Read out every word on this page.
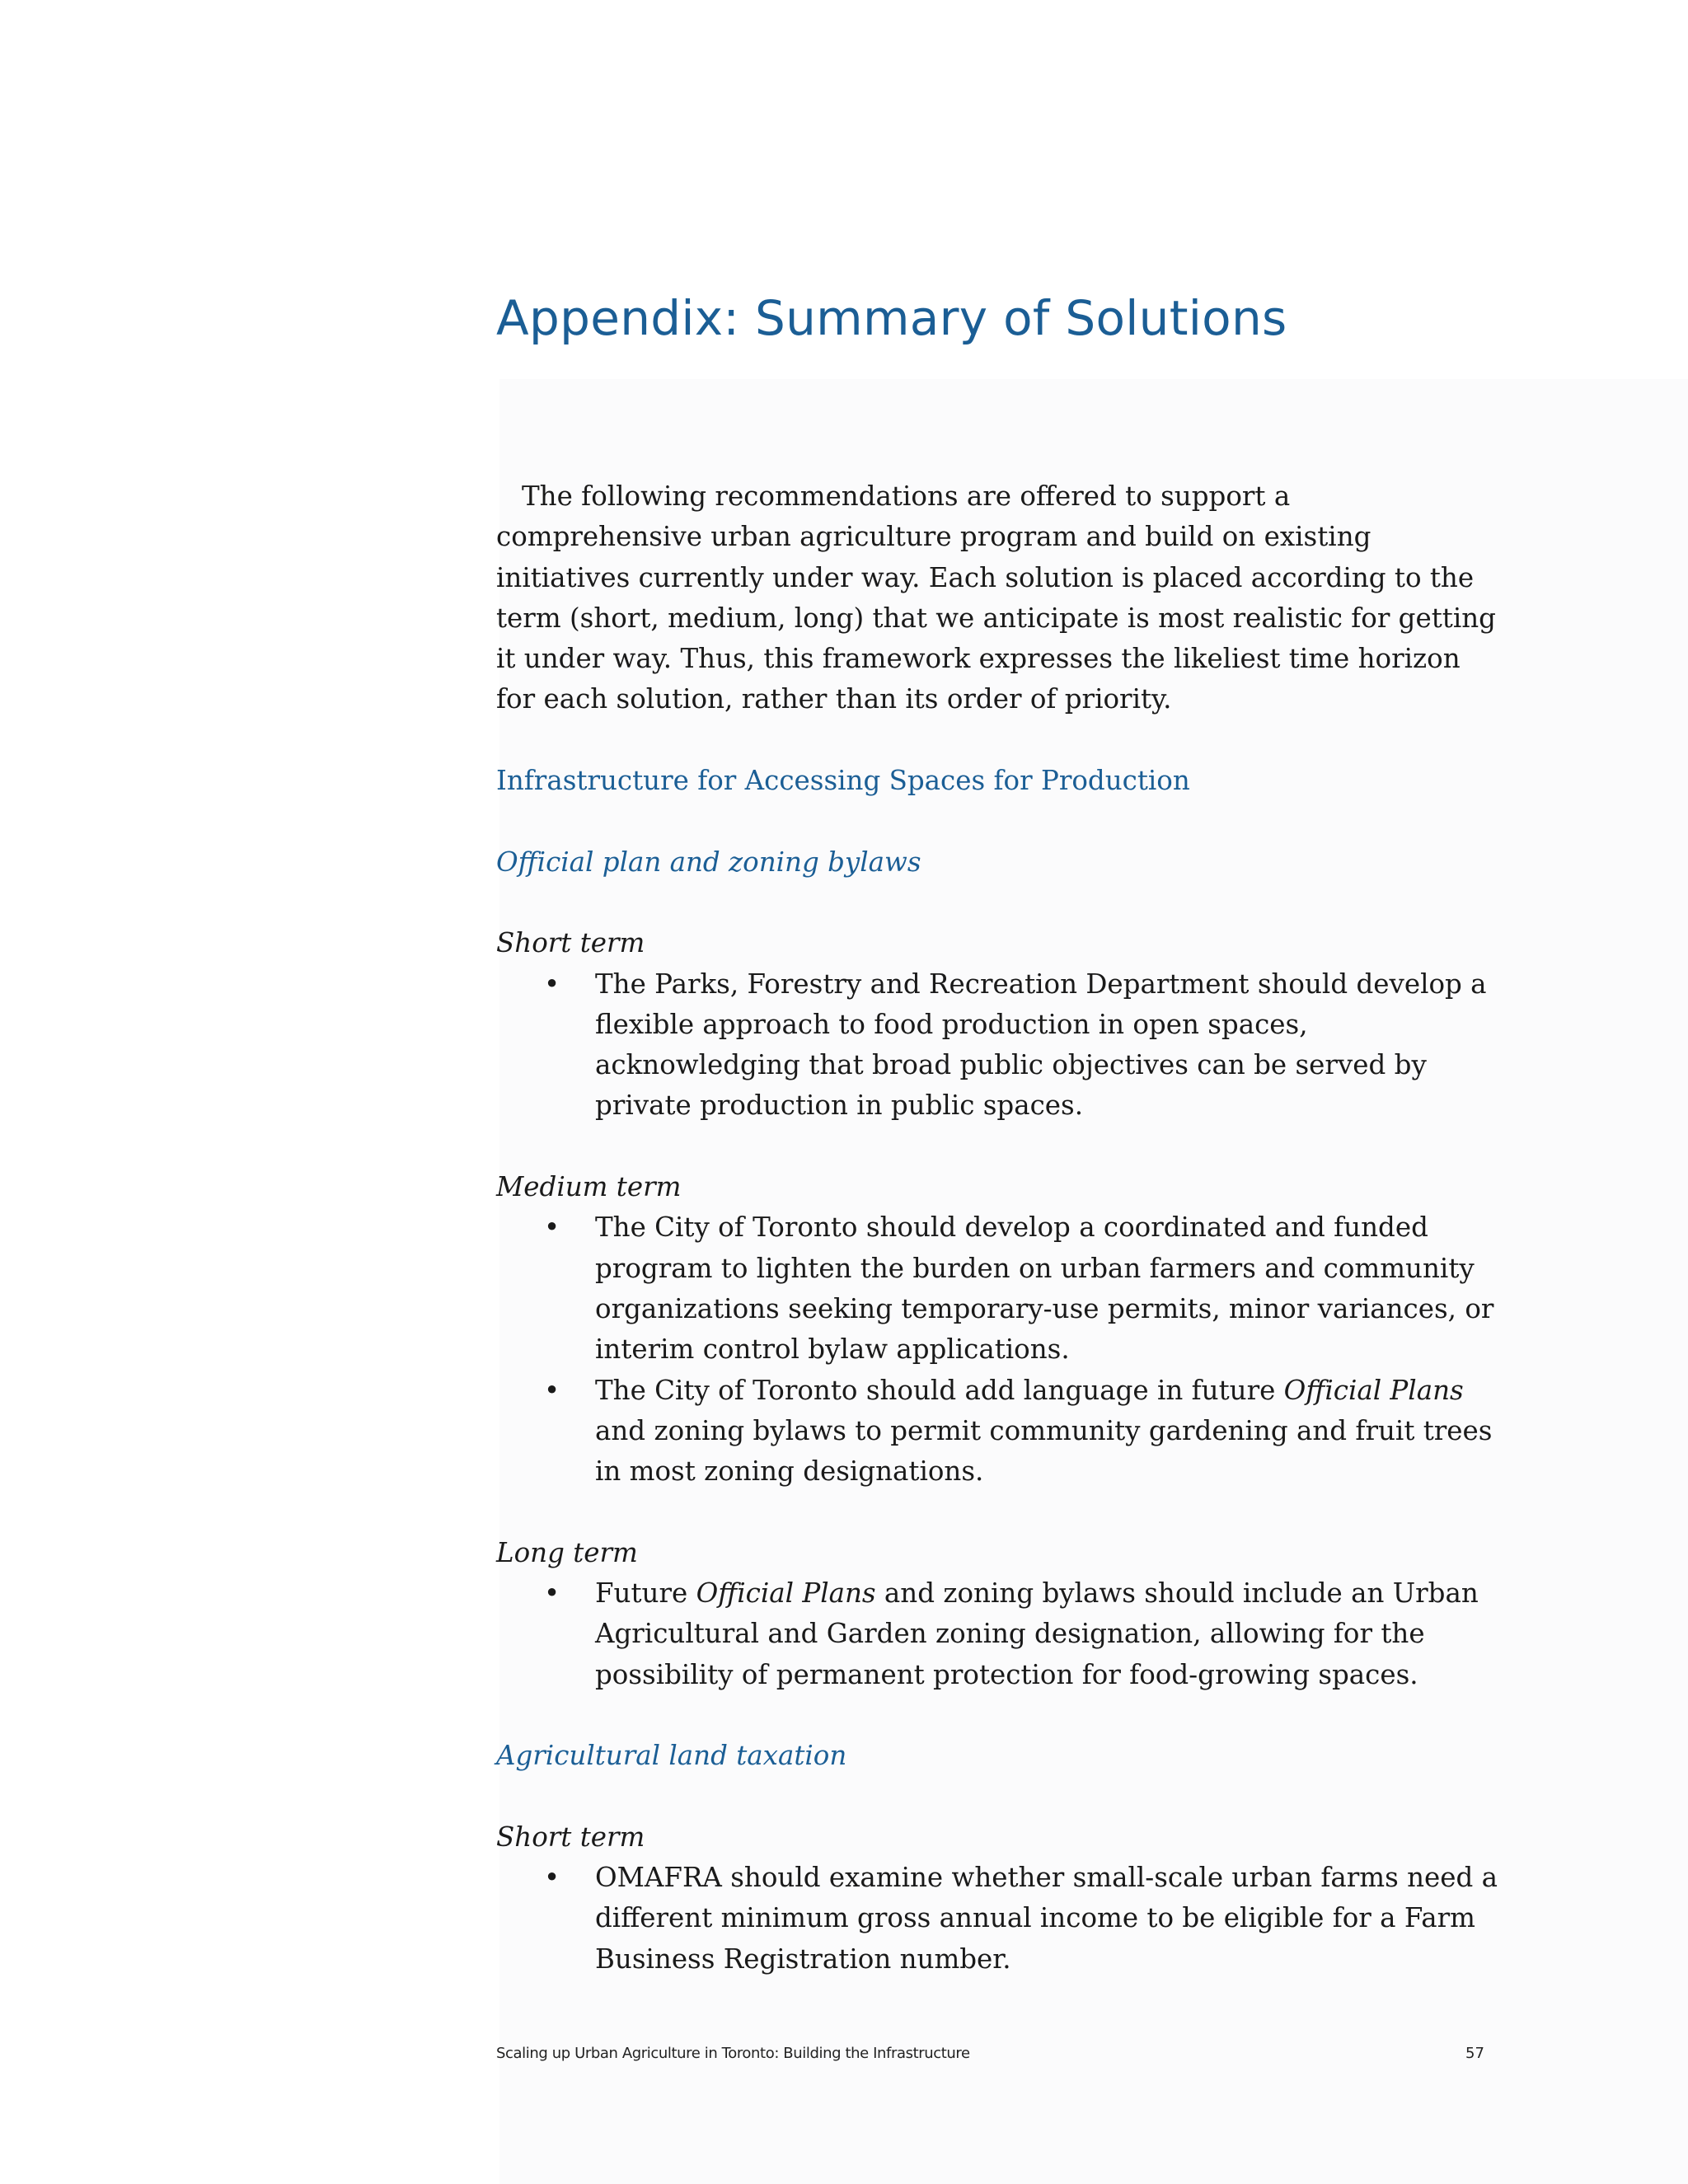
Appendix: Summary of Solutions

The following recommendations are offered to support a comprehensive urban agriculture program and build on existing initiatives currently under way. Each solution is placed according to the term (short, medium, long) that we anticipate is most realistic for getting it under way. Thus, this framework expresses the likeliest time horizon for each solution, rather than its order of priority.

Infrastructure for Accessing Spaces for Production

Official plan and zoning bylaws

Short term

• The Parks, Forestry and Recreation Department should develop a flexible approach to food production in open spaces, acknowledging that broad public objectives can be served by private production in public spaces.

Medium term

• The City of Toronto should develop a coordinated and funded program to lighten the burden on urban farmers and community organizations seeking temporary-use permits, minor variances, or interim control bylaw applications.
• The City of Toronto should add language in future Official Plans and zoning bylaws to permit community gardening and fruit trees in most zoning designations.

Long term

• Future Official Plans and zoning bylaws should include an Urban Agricultural and Garden zoning designation, allowing for the possibility of permanent protection for food-growing spaces.

Agricultural land taxation

Short term

• OMAFRA should examine whether small-scale urban farms need a different minimum gross annual income to be eligible for a Farm Business Registration number.
Scaling up Urban Agriculture in Toronto: Building the Infrastructure	57
